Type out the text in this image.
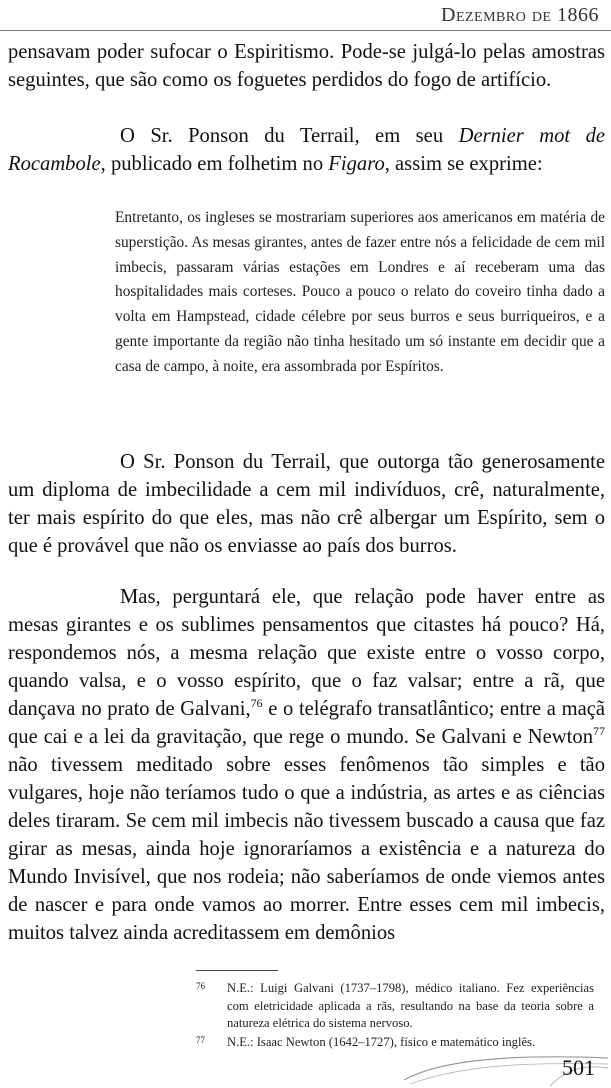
Dezembro de 1866

pensavam poder sufocar o Espiritismo. Pode-se julgá-lo pelas amostras seguintes, que são como os foguetes perdidos do fogo de artifício.

O Sr. Ponson du Terrail, em seu Dernier mot de Rocambole, publicado em folhetim no Figaro, assim se exprime:

Entretanto, os ingleses se mostrariam superiores aos americanos em matéria de superstição. As mesas girantes, antes de fazer entre nós a felicidade de cem mil imbecis, passaram várias estações em Londres e aí receberam uma das hospitalidades mais corteses. Pouco a pouco o relato do coveiro tinha dado a volta em Hampstead, cidade célebre por seus burros e seus burriqueiros, e a gente importante da região não tinha hesitado um só instante em decidir que a casa de campo, à noite, era assombrada por Espíritos.

O Sr. Ponson du Terrail, que outorga tão generosamente um diploma de imbecilidade a cem mil indivíduos, crê, naturalmente, ter mais espírito do que eles, mas não crê albergar um Espírito, sem o que é provável que não os enviasse ao país dos burros.

Mas, perguntará ele, que relação pode haver entre as mesas girantes e os sublimes pensamentos que citastes há pouco? Há, respondemos nós, a mesma relação que existe entre o vosso corpo, quando valsa, e o vosso espírito, que o faz valsar; entre a rã, que dançava no prato de Galvani,$^{76}$ e o telégrafo transatlântico; entre a maçã que cai e a lei da gravitação, que rege o mundo. Se Galvani e Newton$^{77}$ não tivessem meditado sobre esses fenômenos tão simples e tão vulgares, hoje não teríamos tudo o que a indústria, as artes e as ciências deles tiraram. Se cem mil imbecis não tivessem buscado a causa que faz girar as mesas, ainda hoje ignoraríamos a existência e a natureza do Mundo Invisível, que nos rodeia; não saberíamos de onde viemos antes de nascer e para onde vamos ao morrer. Entre esses cem mil imbecis, muitos talvez ainda acreditassem em demônios

76 N.E.: Luigi Galvani (1737–1798), médico italiano. Fez experiências com eletricidade aplicada a rãs, resultando na base da teoria sobre a natureza elétrica do sistema nervoso.

77 N.E.: Isaac Newton (1642–1727), físico e matemático inglês.

501
